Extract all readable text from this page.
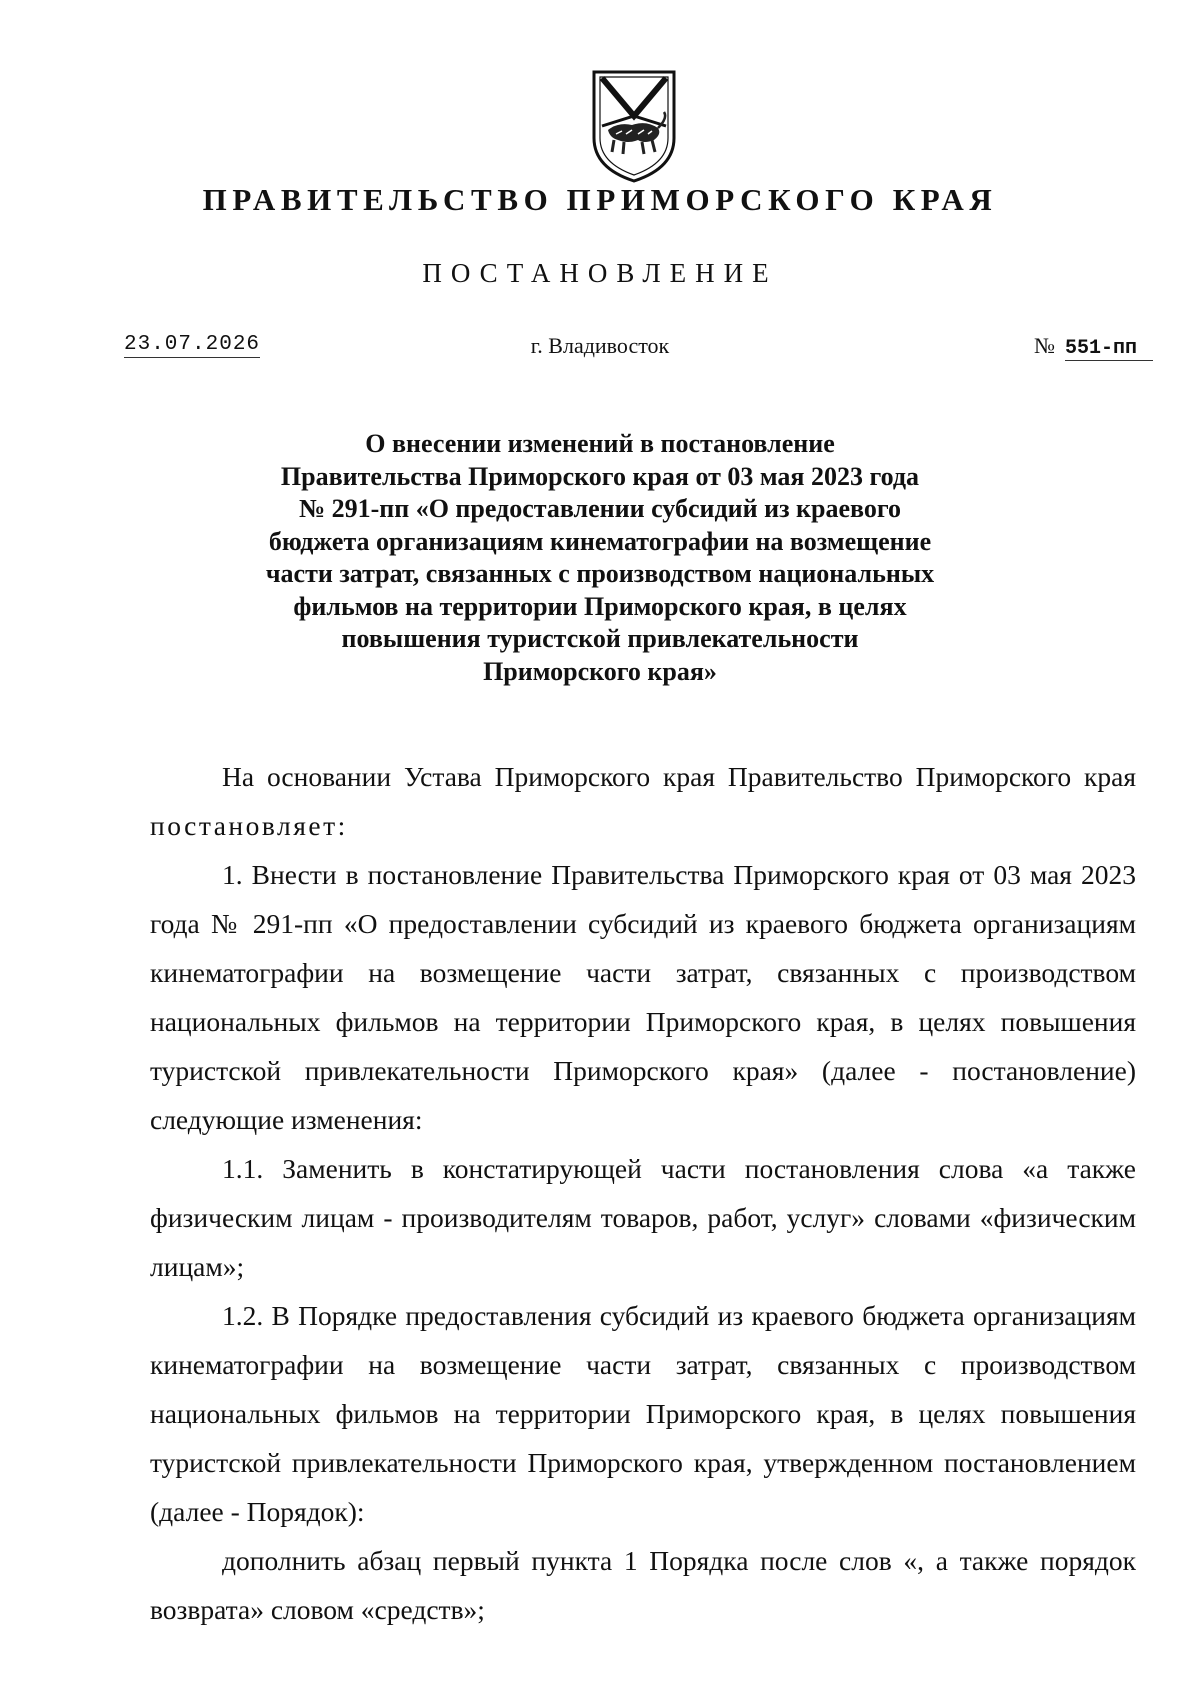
ПРАВИТЕЛЬСТВО ПРИМОРСКОГО КРАЯ
ПОСТАНОВЛЕНИЕ
23.07.2026	г. Владивосток	№ 551-пп
О внесении изменений в постановление
Правительства Приморского края от 03 мая 2023 года
№ 291-пп «О предоставлении субсидий из краевого
бюджета организациям кинематографии на возмещение
части затрат, связанных с производством национальных
фильмов на территории Приморского края, в целях
повышения туристской привлекательности
Приморского края»

На основании Устава Приморского края Правительство Приморского края постановляет:

1. Внести в постановление Правительства Приморского края от 03 мая 2023 года № 291-пп «О предоставлении субсидий из краевого бюджета организациям кинематографии на возмещение части затрат, связанных с производством национальных фильмов на территории Приморского края, в целях повышения туристской привлекательности Приморского края» (далее - постановление) следующие изменения:

1.1. Заменить в констатирующей части постановления слова «а также физическим лицам - производителям товаров, работ, услуг» словами «физическим лицам»;

1.2. В Порядке предоставления субсидий из краевого бюджета организациям кинематографии на возмещение части затрат, связанных с производством национальных фильмов на территории Приморского края, в целях повышения туристской привлекательности Приморского края, утвержденном постановлением (далее - Порядок):

дополнить абзац первый пункта 1 Порядка после слов «, а также порядок возврата» словом «средств»;
